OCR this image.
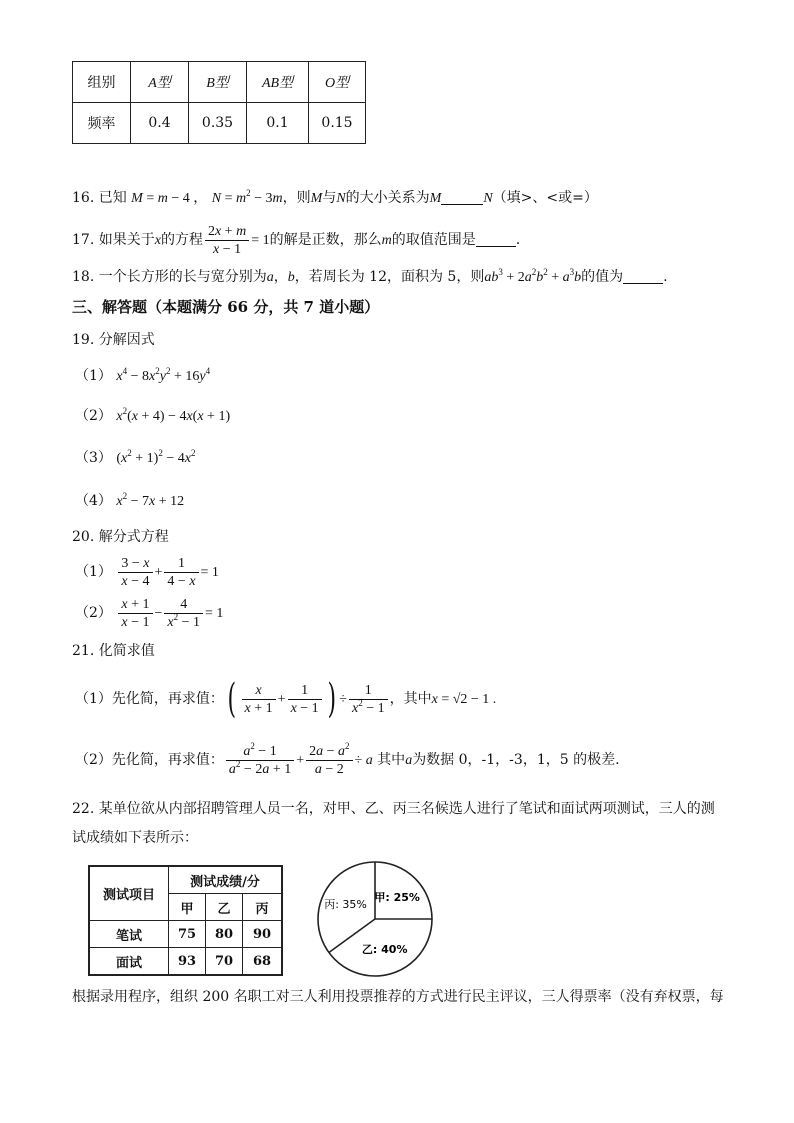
组别	A型	B型	AB型	O型
频率	0.4	0.35	0.1	0.15
16. 已知 M = m − 4 ， $N = m^2 - 3m$，则M与N的大小关系为M	N（填>、<或=）
17. 如果关于x的方程 $\frac{2x + m}{x - 1} = 1$的解是正数，那么m的取值范围是	.
18. 一个长方形的长与宽分别为a，b，若周长为 12，面积为 5，则$ab^3 + 2a^2b^2 + a^3b$的值为	.
三、解答题（本题满分 66 分，共 7 道小题）
19. 分解因式
（1） $x^4 - 8x^2y^2 + 16y^4$
（2） $x^2(x + 4) - 4x(x + 1)$
（3） $(x^2 + 1)^2 - 4x^2$
（4） $x^2 - 7x + 12$
20. 解分式方程
$(1) \frac{3 - x}{x - 4} + \frac{1}{4 - x} = 1$
$(2) \frac{x + 1}{x - 1} - \frac{4}{x^2 - 1} = 1$
21. 化简求值
（1）先化简，再求值：( $\frac{x}{x + 1} + \frac{1}{x - 1}$ ) ÷ $\frac{1}{x^2 - 1}$ ，其中x = √2 − 1 .
（2）先化简，再求值： $\frac{a^2 - 1}{a^2 - 2a + 1} + \frac{2a - a^2}{a - 2} \div a$ 其中a为数据 0，-1，-3，1，5 的极差.
22. 某单位欲从内部招聘管理人员一名，对甲、乙、丙三名候选人进行了笔试和面试两项测试，三人的测
试成绩如下表所示：
测试项目	测试成绩/分		
	甲	乙	丙
笔试	75	80	90
面试	93	70	68
甲: 25%
乙: 40%
丙: 35%
根据录用程序，组织 200 名职工对三人利用投票推荐的方式进行民主评议，三人得票率（没有弃权票，每
